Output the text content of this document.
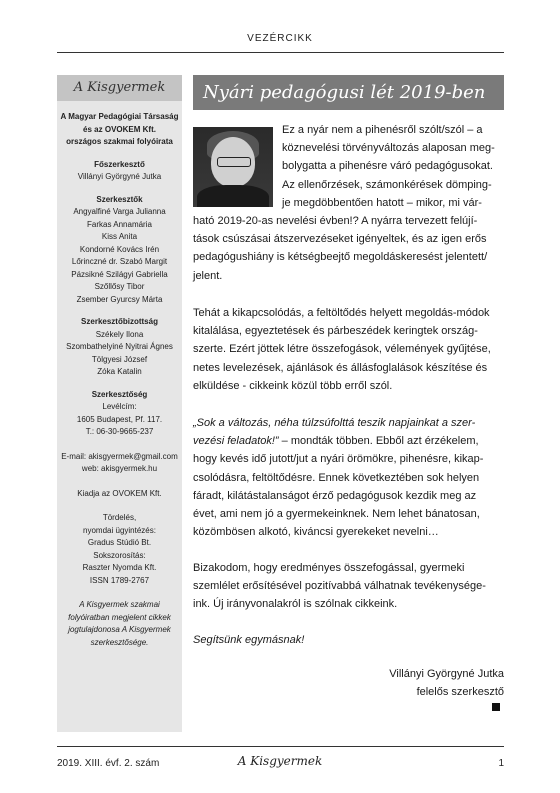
VEZÉRCIKK
A Kisgyermek
A Magyar Pedagógiai Társaság
és az OVOKEM Kft.
országos szakmai folyóirata
Főszerkesztő
Villányi Györgyné Jutka
Szerkesztők
Angyalfiné Varga Julianna
Farkas Annamária
Kiss Anita
Kondorné Kovács Irén
Lőrinczné dr. Szabó Margit
Pázsikné Szilágyi Gabriella
Szőllősy Tibor
Zsember Gyurcsy Márta
Szerkesztőbizottság
Székely Ilona
Szombathelyiné Nyitrai Ágnes
Tölgyesi József
Zóka Katalin
Szerkesztőség
Levélcím:
1605 Budapest, Pf. 117.
T.: 06-30-9665-237
E-mail: akisgyermek@gmail.com
web: akisgyermek.hu
Kiadja az OVOKEM Kft.
Tördelés,
nyomdai ügyintézés:
Gradus Stúdió Bt.
Sokszorosítás:
Raszter Nyomda Kft.
ISSN 1789-2767
A Kisgyermek szakmai
folyóiratban megjelent cikkek
jogtulajdonosa A Kisgyermek
szerkesztősége.
Nyári pedagógusi lét 2019-ben
Ez a nyár nem a pihenésről szólt/szól – a
köznevelési törvényváltozás alaposan meg-
bolygatta a pihenésre váró pedagógusokat.
Az ellenőrzések, számonkérések dömping-
je megdöbbentően hatott – mikor, mi vár-
ható 2019-20-as nevelési évben!? A nyárra tervezett felújí-
tások csúszásai átszervezéseket igényeltek, és az igen erős
pedagógushiány is kétségbeejtő megoldáskeresést jelentett/
jelent.
Tehát a kikapcsolódás, a feltöltődés helyett megoldás-módok
kitalálása, egyeztetések és párbeszédek keringtek ország-
szerte. Ezért jöttek létre összefogások, vélemények gyűjtése,
netes levelezések, ajánlások és állásfoglalások készítése és
elküldése - cikkeink közül több erről szól.
„Sok a változás, néha túlzsúfolttá teszik napjainkat a szer-
vezési feladatok!” – mondták többen. Ebből azt érzékelem,
hogy kevés idő jutott/jut a nyári örömökre, pihenésre, kikap-
csolódásra, feltöltődésre. Ennek következtében sok helyen
fáradt, kilátástalanságot érző pedagógusok kezdik meg az
évet, ami nem jó a gyermekeinknek. Nem lehet bánatosan,
közömbösen alkotó, kiváncsi gyerekeket nevelni…
Bizakodom, hogy eredményes összefogással, gyermeki
szemlélet erősítésével pozitívabbá válhatnak tevékenysége-
ink. Új irányvonalakról is szólnak cikkeink.
Segítsünk egymásnak!
Villányi Györgyné Jutka
felelős szerkesztő
2019. XIII. évf. 2. szám	A Kisgyermek	1
